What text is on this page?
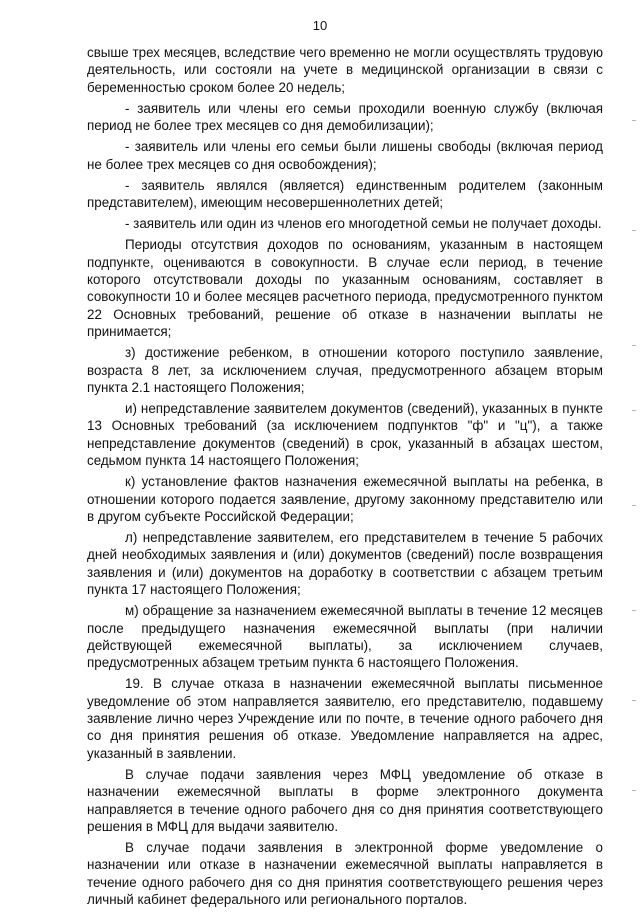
10

свыше трех месяцев, вследствие чего временно не могли осуществлять трудовую деятельность, или состояли на учете в медицинской организации в связи с беременностью сроком более 20 недель;

- заявитель или члены его семьи проходили военную службу (включая период не более трех месяцев со дня демобилизации);

- заявитель или члены его семьи были лишены свободы (включая период не более трех месяцев со дня освобождения);

- заявитель являлся (является) единственным родителем (законным представителем), имеющим несовершеннолетних детей;

- заявитель или один из членов его многодетной семьи не получает доходы.

Периоды отсутствия доходов по основаниям, указанным в настоящем подпункте, оцениваются в совокупности. В случае если период, в течение которого отсутствовали доходы по указанным основаниям, составляет в совокупности 10 и более месяцев расчетного периода, предусмотренного пунктом 22 Основных требований, решение об отказе в назначении выплаты не принимается;

з) достижение ребенком, в отношении которого поступило заявление, возраста 8 лет, за исключением случая, предусмотренного абзацем вторым пункта 2.1 настоящего Положения;

и) непредставление заявителем документов (сведений), указанных в пункте 13 Основных требований (за исключением подпунктов "ф" и "ц"), а также непредставление документов (сведений) в срок, указанный в абзацах шестом, седьмом пункта 14 настоящего Положения;

к) установление фактов назначения ежемесячной выплаты на ребенка, в отношении которого подается заявление, другому законному представителю или в другом субъекте Российской Федерации;

л) непредставление заявителем, его представителем в течение 5 рабочих дней необходимых заявления и (или) документов (сведений) после возвращения заявления и (или) документов на доработку в соответствии с абзацем третьим пункта 17 настоящего Положения;

м) обращение за назначением ежемесячной выплаты в течение 12 месяцев после предыдущего назначения ежемесячной выплаты (при наличии действующей ежемесячной выплаты), за исключением случаев, предусмотренных абзацем третьим пункта 6 настоящего Положения.

19. В случае отказа в назначении ежемесячной выплаты письменное уведомление об этом направляется заявителю, его представителю, подавшему заявление лично через Учреждение или по почте, в течение одного рабочего дня со дня принятия решения об отказе. Уведомление направляется на адрес, указанный в заявлении.

В случае подачи заявления через МФЦ уведомление об отказе в назначении ежемесячной выплаты в форме электронного документа направляется в течение одного рабочего дня со дня принятия соответствующего решения в МФЦ для выдачи заявителю.

В случае подачи заявления в электронной форме уведомление о назначении или отказе в назначении ежемесячной выплаты направляется в течение одного рабочего дня со дня принятия соответствующего решения через личный кабинет федерального или регионального порталов.
